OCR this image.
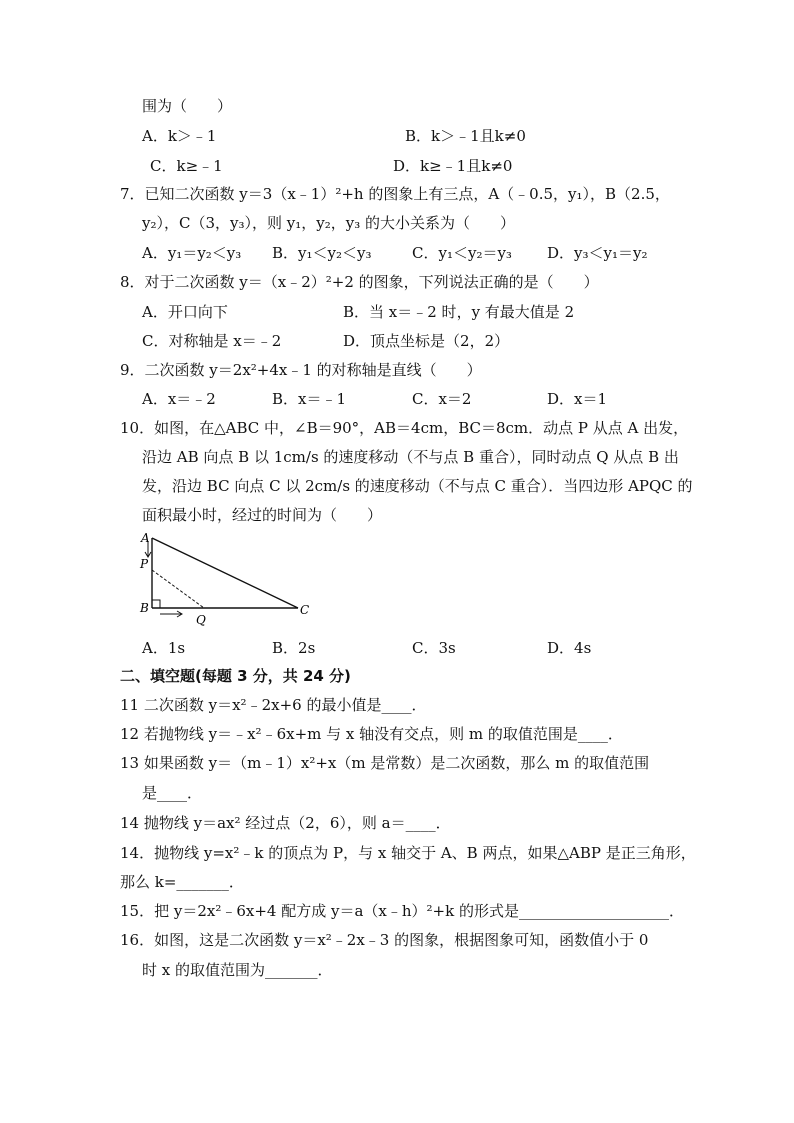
围为（　　）
A．k＞﹣1	B．k＞﹣1且k≠0
C．k≥﹣1	D．k≥﹣1且k≠0
7．已知二次函数 y＝3（x﹣1）²+h 的图象上有三点，A（﹣0.5，y₁），B（2.5，
y₂），C（3，y₃），则 y₁，y₂，y₃ 的大小关系为（　　）
A．y₁＝y₂＜y₃ B．y₁＜y₂＜y₃	C．y₁＜y₂＝y₃ D．y₃＜y₁＝y₂
8．对于二次函数 y＝（x﹣2）²+2 的图象，下列说法正确的是（　　）
A．开口向下	B．当 x＝﹣2 时，y 有最大值是 2
C．对称轴是 x＝﹣2	D．顶点坐标是（2，2）
9．二次函数 y＝2x²+4x﹣1 的对称轴是直线（　　）
A．x＝﹣2	B．x＝﹣1	C．x＝2	D．x＝1
10．如图，在△ABC 中，∠B＝90°，AB＝4cm，BC＝8cm．动点 P 从点 A 出发，
沿边 AB 向点 B 以 1cm/s 的速度移动（不与点 B 重合），同时动点 Q 从点 B 出
发，沿边 BC 向点 C 以 2cm/s 的速度移动（不与点 C 重合）．当四边形 APQC 的
面积最小时，经过的时间为（　　）
A
P
B
Q
C
A．1s	B．2s	C．3s	D．4s
二、填空题(每题 3 分，共 24 分)
11 二次函数 y＝x²﹣2x+6 的最小值是____．
12 若抛物线 y＝﹣x²﹣6x+m 与 x 轴没有交点，则 m 的取值范围是____．
13 如果函数 y＝（m﹣1）x²+x（m 是常数）是二次函数，那么 m 的取值范围
是____．
14 抛物线 y＝ax² 经过点（2，6），则 a＝____．
14．抛物线 y=x²﹣k 的顶点为 P，与 x 轴交于 A、B 两点，如果△ABP 是正三角形，
那么 k=_______．
15．把 y＝2x²﹣6x+4 配方成 y＝a（x﹣h）²+k 的形式是____________________．
16．如图，这是二次函数 y＝x²﹣2x﹣3 的图象，根据图象可知，函数值小于 0
时 x 的取值范围为_______．
